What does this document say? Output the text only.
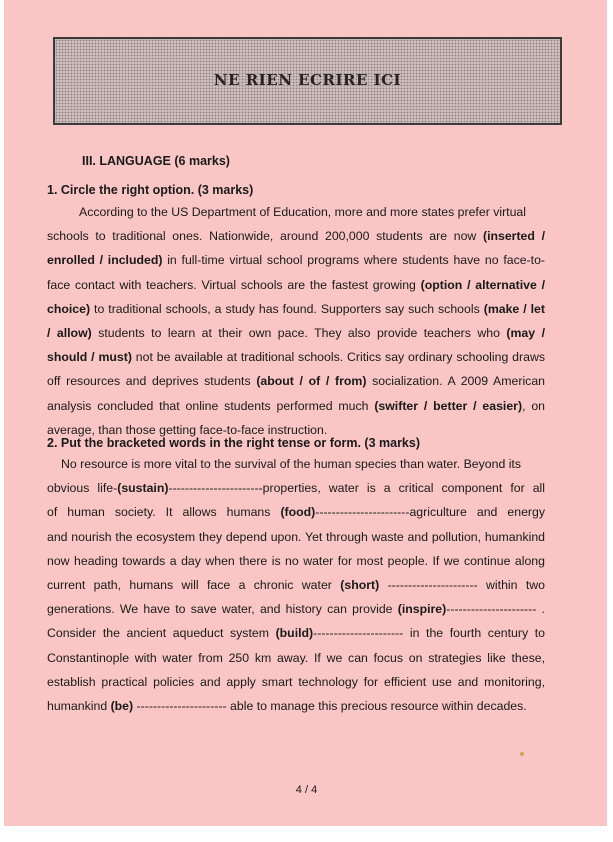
NE RIEN ECRIRE ICI
III. LANGUAGE (6 marks)
1. Circle the right option. (3 marks)
According to the US Department of Education, more and more states prefer virtual
schools to traditional ones. Nationwide, around 200,000 students are now (inserted /
enrolled / included) in full-time virtual school programs where students have no face-to-
face contact with teachers. Virtual schools are the fastest growing (option / alternative /
choice) to traditional schools, a study has found. Supporters say such schools (make / let
/ allow) students to learn at their own pace. They also provide teachers who (may /
should / must) not be available at traditional schools. Critics say ordinary schooling draws
off resources and deprives students (about / of / from) socialization. A 2009 American
analysis concluded that online students performed much (swifter / better / easier), on
average, than those getting face-to-face instruction.
2. Put the bracketed words in the right tense or form. (3 marks)
No resource is more vital to the survival of the human species than water. Beyond its
obvious life-(sustain)-----------------------properties, water is a critical component for all
of human society. It allows humans (food)-----------------------agriculture and energy
and nourish the ecosystem they depend upon. Yet through waste and pollution, humankind
now heading towards a day when there is no water for most people. If we continue along
current path, humans will face a chronic water (short) ---------------------- within two
generations. We have to save water, and history can provide (inspire)---------------------- .
Consider the ancient aqueduct system (build)---------------------- in the fourth century to
Constantinople with water from 250 km away. If we can focus on strategies like these,
establish practical policies and apply smart technology for efficient use and monitoring,
humankind (be) ---------------------- able to manage this precious resource within decades.
4 / 4
